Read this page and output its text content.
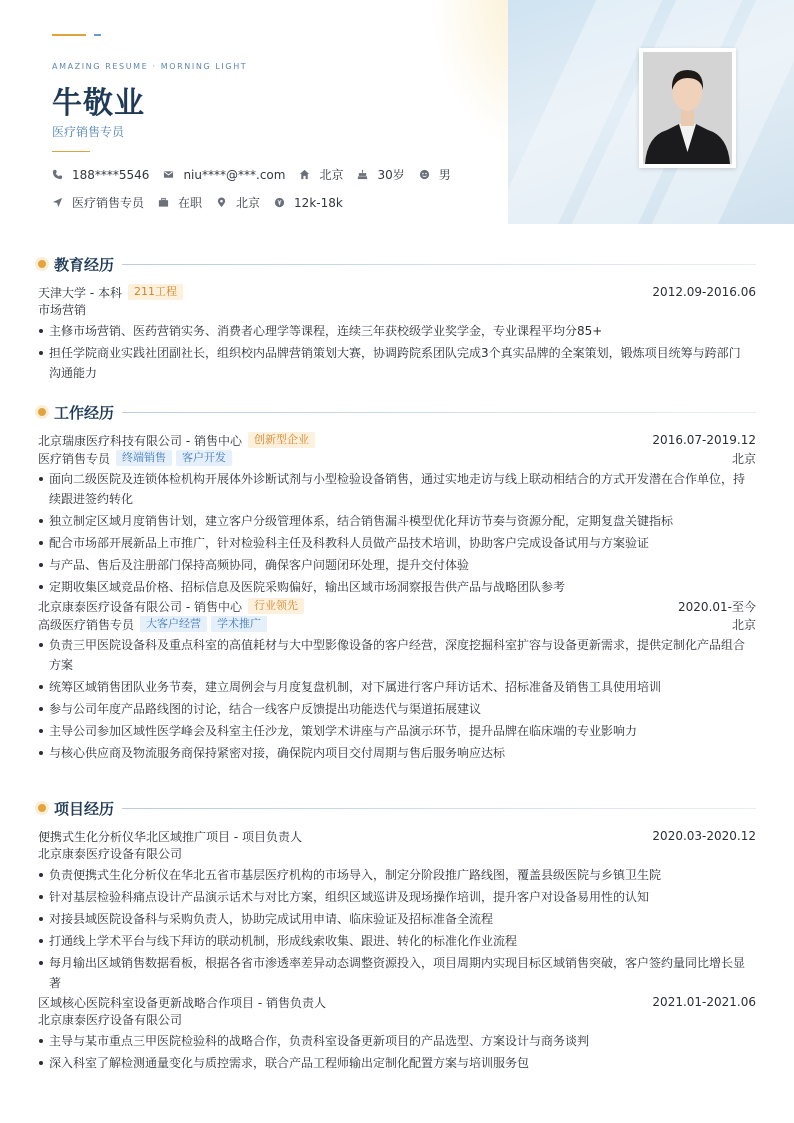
AMAZING RESUME · MORNING LIGHT
牛敬业
医疗销售专员
188****5546	niu****@***.com	北京	30岁	男
医疗销售专员	在职	北京	12k-18k
教育经历
天津大学 - 本科	211工程	2012.09-2016.06
市场营销
主修市场营销、医药营销实务、消费者心理学等课程，连续三年获校级学业奖学金，专业课程平均分85+
担任学院商业实践社团副社长，组织校内品牌营销策划大赛，协调跨院系团队完成3个真实品牌的全案策划，锻炼项目统筹与跨部门沟通能力
工作经历
北京瑞康医疗科技有限公司 - 销售中心	创新型企业	2016.07-2019.12
医疗销售专员	终端销售	客户开发	北京
面向二级医院及连锁体检机构开展体外诊断试剂与小型检验设备销售，通过实地走访与线上联动相结合的方式开发潜在合作单位，持续跟进签约转化
独立制定区域月度销售计划，建立客户分级管理体系，结合销售漏斗模型优化拜访节奏与资源分配，定期复盘关键指标
配合市场部开展新品上市推广，针对检验科主任及科教科人员做产品技术培训，协助客户完成设备试用与方案验证
与产品、售后及注册部门保持高频协同，确保客户问题闭环处理，提升交付体验
定期收集区域竞品价格、招标信息及医院采购偏好，输出区域市场洞察报告供产品与战略团队参考
北京康泰医疗设备有限公司 - 销售中心	行业领先	2020.01-至今
高级医疗销售专员	大客户经营	学术推广	北京
负责三甲医院设备科及重点科室的高值耗材与大中型影像设备的客户经营，深度挖掘科室扩容与设备更新需求，提供定制化产品组合方案
统筹区域销售团队业务节奏，建立周例会与月度复盘机制，对下属进行客户拜访话术、招标准备及销售工具使用培训
参与公司年度产品路线图的讨论，结合一线客户反馈提出功能迭代与渠道拓展建议
主导公司参加区域性医学峰会及科室主任沙龙，策划学术讲座与产品演示环节，提升品牌在临床端的专业影响力
与核心供应商及物流服务商保持紧密对接，确保院内项目交付周期与售后服务响应达标
项目经历
便携式生化分析仪华北区域推广项目 - 项目负责人	2020.03-2020.12
北京康泰医疗设备有限公司
负责便携式生化分析仪在华北五省市基层医疗机构的市场导入，制定分阶段推广路线图，覆盖县级医院与乡镇卫生院
针对基层检验科痛点设计产品演示话术与对比方案，组织区域巡讲及现场操作培训，提升客户对设备易用性的认知
对接县域医院设备科与采购负责人，协助完成试用申请、临床验证及招标准备全流程
打通线上学术平台与线下拜访的联动机制，形成线索收集、跟进、转化的标准化作业流程
每月输出区域销售数据看板，根据各省市渗透率差异动态调整资源投入，项目周期内实现目标区域销售突破，客户签约量同比增长显著
区域核心医院科室设备更新战略合作项目 - 销售负责人	2021.01-2021.06
北京康泰医疗设备有限公司
主导与某市重点三甲医院检验科的战略合作，负责科室设备更新项目的产品选型、方案设计与商务谈判
深入科室了解检测通量变化与质控需求，联合产品工程师输出定制化配置方案与培训服务包
